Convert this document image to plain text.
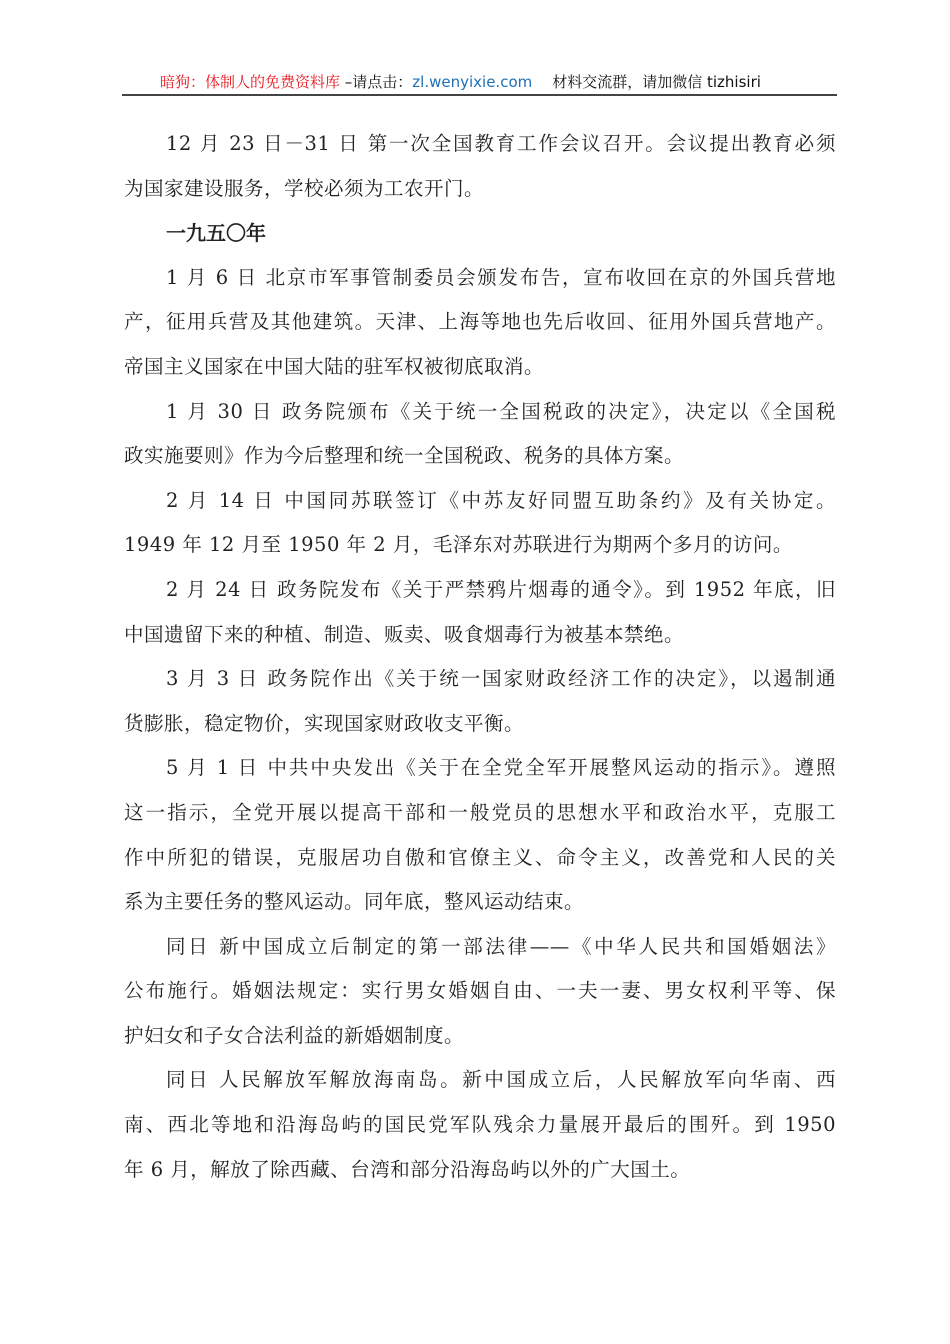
暗狗：体制人的免费资料库 –请点击：zl.wenyixie.com 材料交流群，请加微信 tizhisiri
12 月 23 日－31 日 第一次全国教育工作会议召开。会议提出教育必须
为国家建设服务，学校必须为工农开门。
一九五〇年
1 月 6 日 北京市军事管制委员会颁发布告，宣布收回在京的外国兵营地
产，征用兵营及其他建筑。天津、上海等地也先后收回、征用外国兵营地产。
帝国主义国家在中国大陆的驻军权被彻底取消。
1 月 30 日 政务院颁布《关于统一全国税政的决定》，决定以《全国税
政实施要则》作为今后整理和统一全国税政、税务的具体方案。
2 月 14 日 中国同苏联签订《中苏友好同盟互助条约》及有关协定。
1949 年 12 月至 1950 年 2 月，毛泽东对苏联进行为期两个多月的访问。
2 月 24 日 政务院发布《关于严禁鸦片烟毒的通令》。到 1952 年底，旧
中国遗留下来的种植、制造、贩卖、吸食烟毒行为被基本禁绝。
3 月 3 日 政务院作出《关于统一国家财政经济工作的决定》，以遏制通
货膨胀，稳定物价，实现国家财政收支平衡。
5 月 1 日 中共中央发出《关于在全党全军开展整风运动的指示》。遵照
这一指示，全党开展以提高干部和一般党员的思想水平和政治水平，克服工
作中所犯的错误，克服居功自傲和官僚主义、命令主义，改善党和人民的关
系为主要任务的整风运动。同年底，整风运动结束。
同日 新中国成立后制定的第一部法律——《中华人民共和国婚姻法》
公布施行。婚姻法规定：实行男女婚姻自由、一夫一妻、男女权利平等、保
护妇女和子女合法利益的新婚姻制度。
同日 人民解放军解放海南岛。新中国成立后，人民解放军向华南、西
南、西北等地和沿海岛屿的国民党军队残余力量展开最后的围歼。到 1950
年 6 月，解放了除西藏、台湾和部分沿海岛屿以外的广大国土。
